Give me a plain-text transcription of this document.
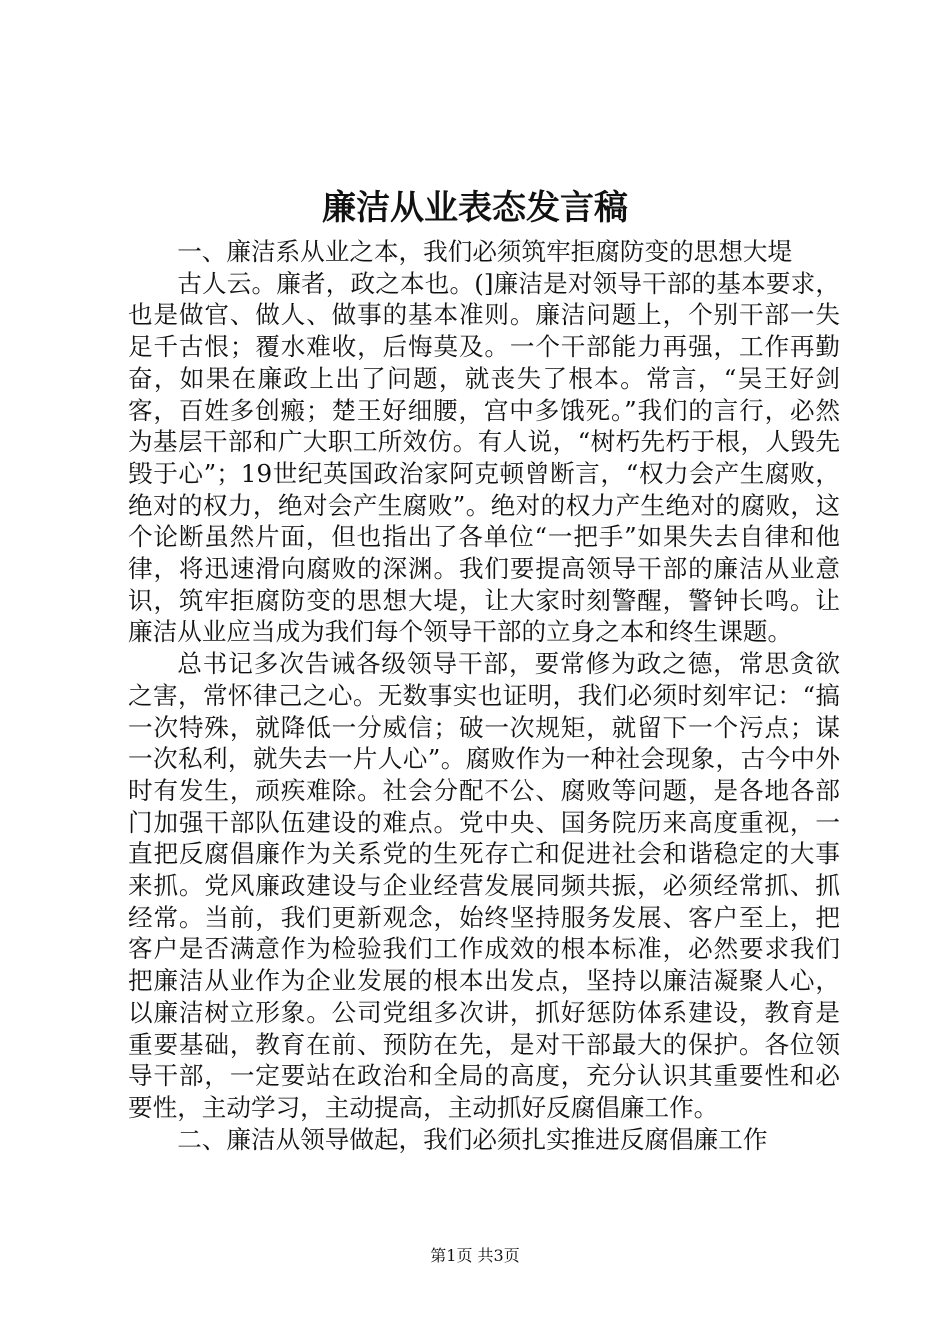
廉洁从业表态发言稿

一、廉洁系从业之本，我们必须筑牢拒腐防变的思想大堤

古人云。廉者，政之本也。(]廉洁是对领导干部的基本要求，也是做官、做人、做事的基本准则。廉洁问题上，个别干部一失足千古恨；覆水难收，后悔莫及。一个干部能力再强，工作再勤奋，如果在廉政上出了问题，就丧失了根本。常言，“吴王好剑客，百姓多创瘢；楚王好细腰，宫中多饿死。”我们的言行，必然为基层干部和广大职工所效仿。有人说，“树朽先朽于根，人毁先毁于心”；19世纪英国政治家阿克顿曾断言，“权力会产生腐败，绝对的权力，绝对会产生腐败”。绝对的权力产生绝对的腐败，这个论断虽然片面，但也指出了各单位“一把手”如果失去自律和他律，将迅速滑向腐败的深渊。我们要提高领导干部的廉洁从业意识，筑牢拒腐防变的思想大堤，让大家时刻警醒，警钟长鸣。让廉洁从业应当成为我们每个领导干部的立身之本和终生课题。

总书记多次告诫各级领导干部，要常修为政之德，常思贪欲之害，常怀律己之心。无数事实也证明，我们必须时刻牢记：“搞一次特殊，就降低一分威信；破一次规矩，就留下一个污点；谋一次私利，就失去一片人心”。腐败作为一种社会现象，古今中外时有发生，顽疾难除。社会分配不公、腐败等问题，是各地各部门加强干部队伍建设的难点。党中央、国务院历来高度重视，一直把反腐倡廉作为关系党的生死存亡和促进社会和谐稳定的大事来抓。党风廉政建设与企业经营发展同频共振，必须经常抓、抓经常。当前，我们更新观念，始终坚持服务发展、客户至上，把客户是否满意作为检验我们工作成效的根本标准，必然要求我们把廉洁从业作为企业发展的根本出发点，坚持以廉洁凝聚人心，以廉洁树立形象。公司党组多次讲，抓好惩防体系建设，教育是重要基础，教育在前、预防在先，是对干部最大的保护。各位领导干部，一定要站在政治和全局的高度，充分认识其重要性和必要性，主动学习，主动提高，主动抓好反腐倡廉工作。

二、廉洁从领导做起，我们必须扎实推进反腐倡廉工作

第1页 共3页
